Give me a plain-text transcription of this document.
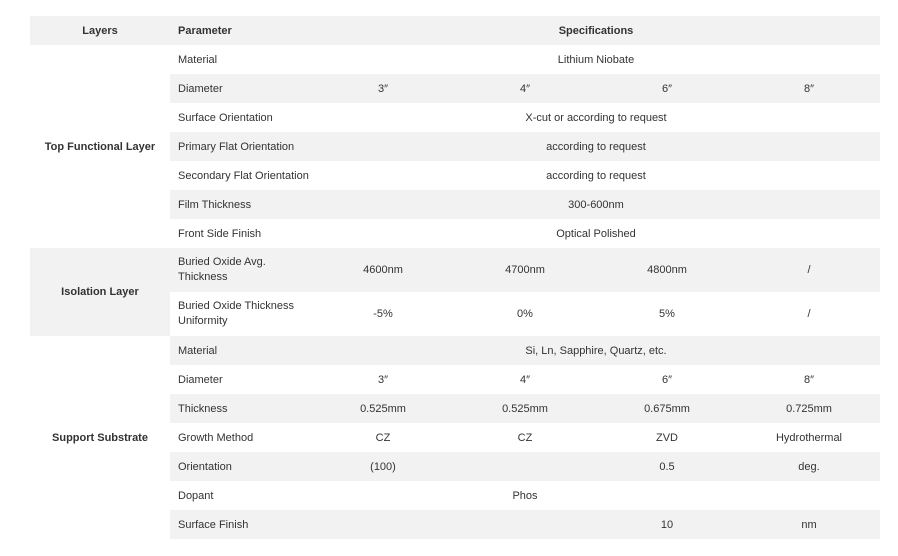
Layers	Parameter	Specifications			
Top Functional Layer	Material	Lithium Niobate			
	Diameter	3″	4″	6″	8″
	Surface Orientation	X-cut or according to request			
	Primary Flat Orientation	according to request			
	Secondary Flat Orientation	according to request			
	Film Thickness	300-600nm			
	Front Side Finish	Optical Polished			
Isolation Layer	Buried Oxide Avg. Thickness	4600nm	4700nm	4800nm	/
	Buried Oxide Thickness Uniformity	-5%	0%	5%	/
Support Substrate	Material	Si, Ln, Sapphire, Quartz, etc.			
	Diameter	3″	4″	6″	8″
	Thickness	0.525mm	0.525mm	0.675mm	0.725mm
	Growth Method	CZ	CZ	ZVD	Hydrothermal
	Orientation	(100)		0.5	deg.
	Dopant		Phos		
	Surface Finish			10	nm
